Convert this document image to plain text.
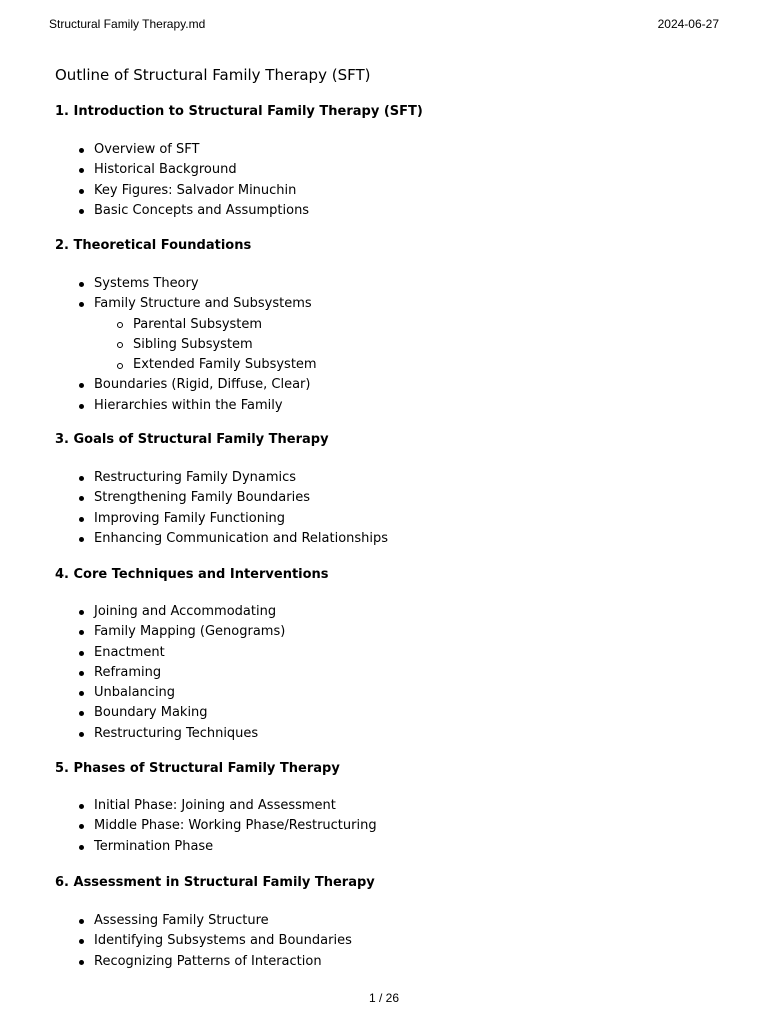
Structural Family Therapy.md	2024-06-27
Outline of Structural Family Therapy (SFT)
1. Introduction to Structural Family Therapy (SFT)
Overview of SFT
Historical Background
Key Figures: Salvador Minuchin
Basic Concepts and Assumptions
2. Theoretical Foundations
Systems Theory
Family Structure and Subsystems
Parental Subsystem
Sibling Subsystem
Extended Family Subsystem
Boundaries (Rigid, Diffuse, Clear)
Hierarchies within the Family
3. Goals of Structural Family Therapy
Restructuring Family Dynamics
Strengthening Family Boundaries
Improving Family Functioning
Enhancing Communication and Relationships
4. Core Techniques and Interventions
Joining and Accommodating
Family Mapping (Genograms)
Enactment
Reframing
Unbalancing
Boundary Making
Restructuring Techniques
5. Phases of Structural Family Therapy
Initial Phase: Joining and Assessment
Middle Phase: Working Phase/Restructuring
Termination Phase
6. Assessment in Structural Family Therapy
Assessing Family Structure
Identifying Subsystems and Boundaries
Recognizing Patterns of Interaction
1 / 26
